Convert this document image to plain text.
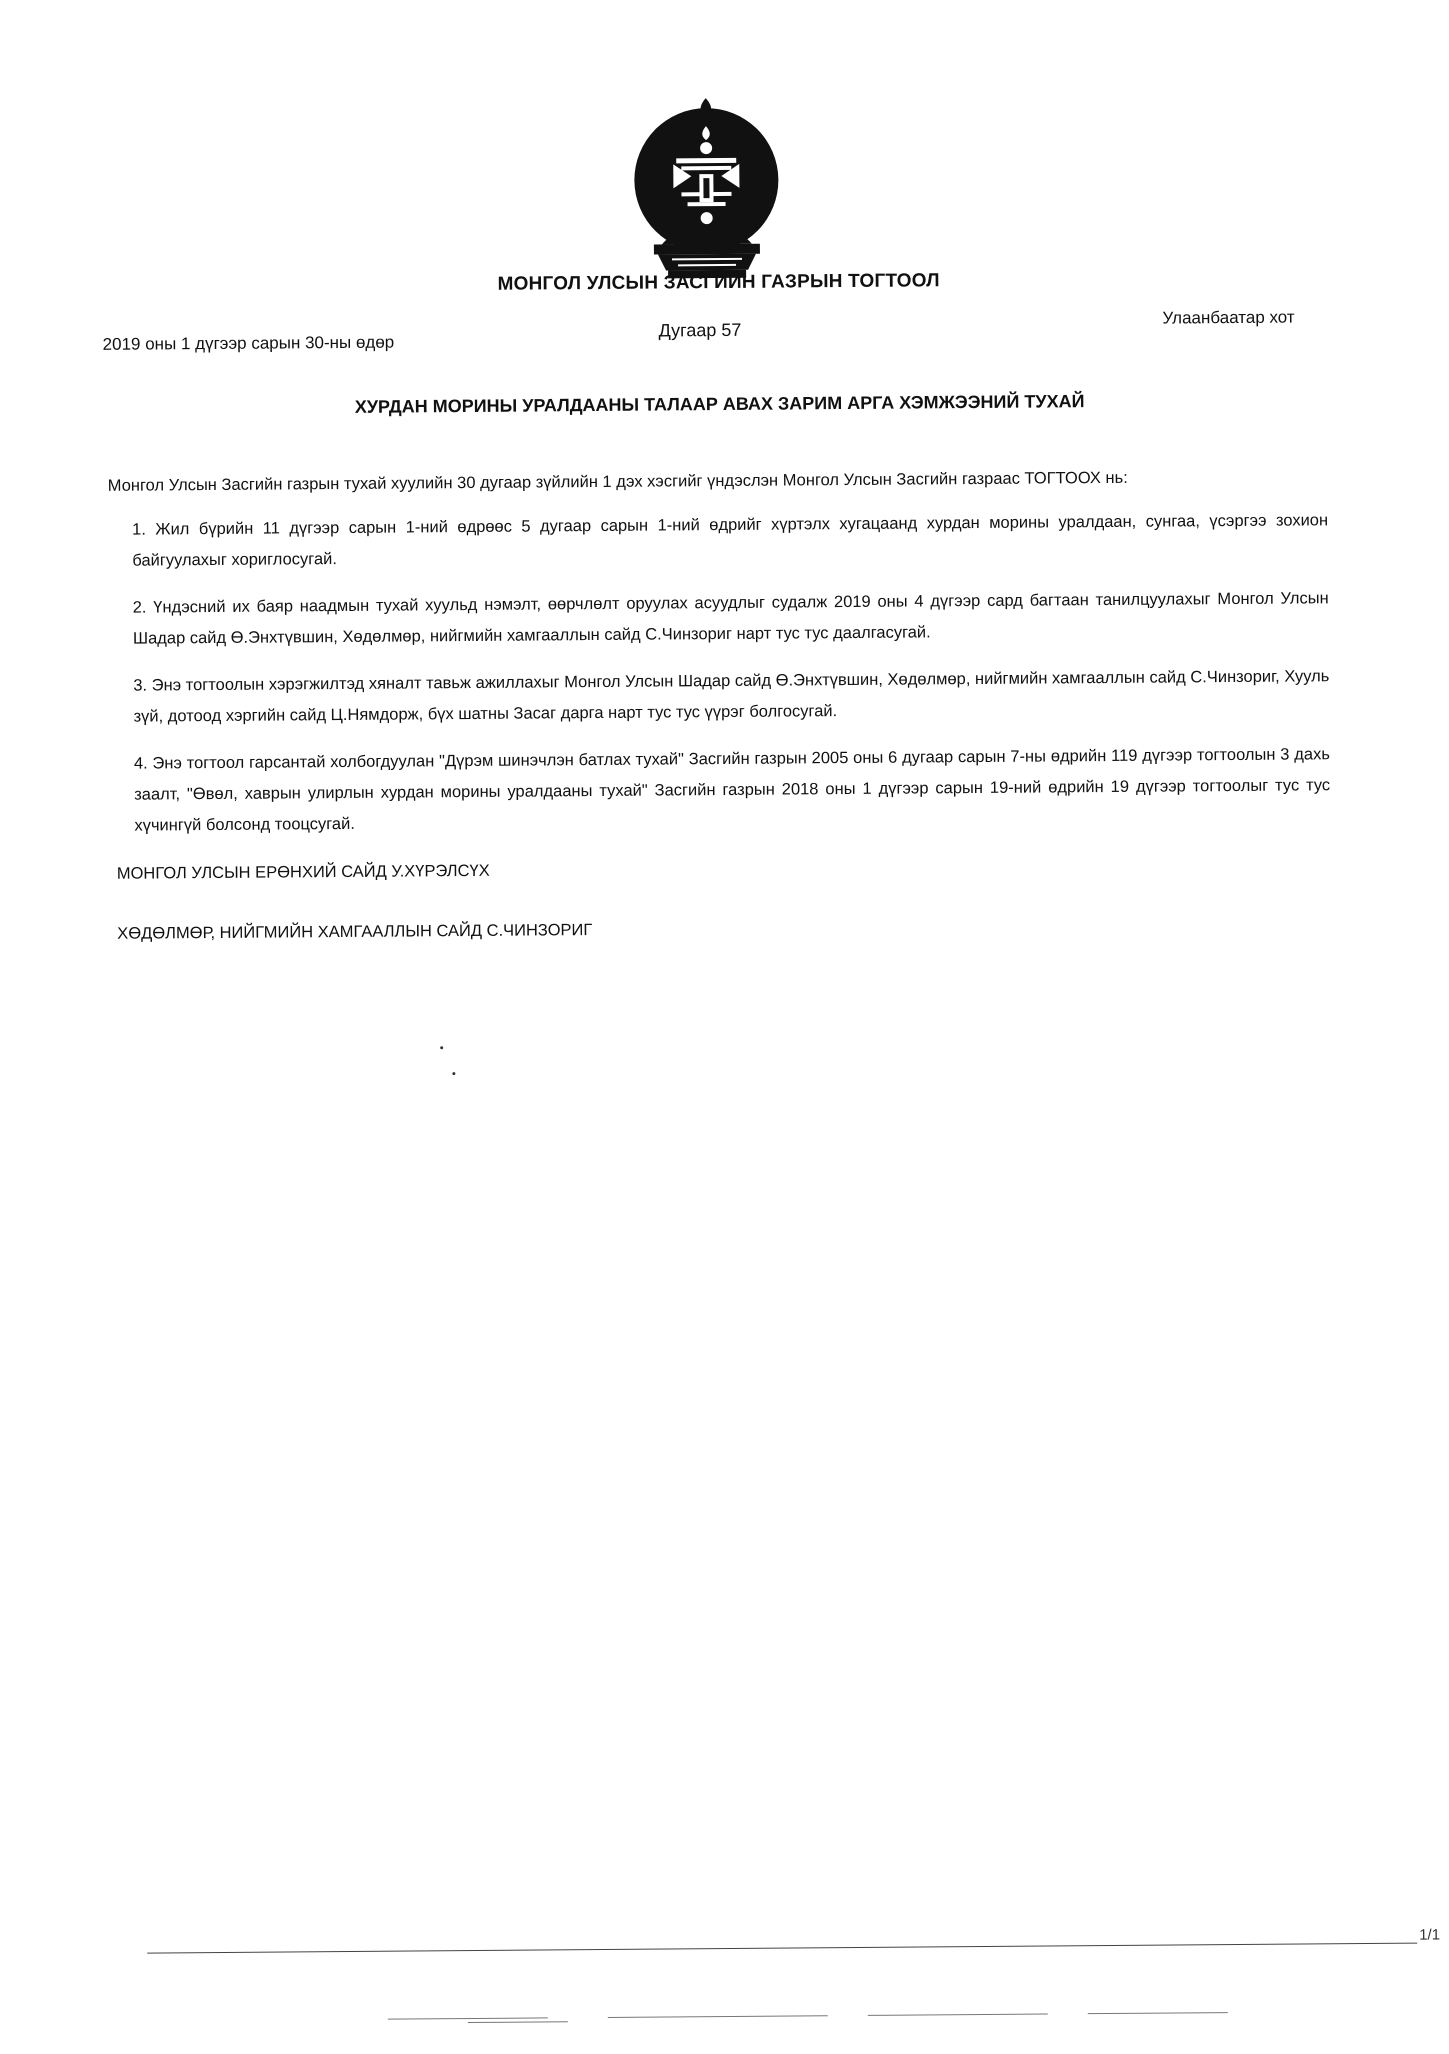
МОНГОЛ УЛСЫН ЗАСГИЙН ГАЗРЫН ТОГТООЛ
2019 оны 1 дүгээр сарын 30-ны өдөр
Дугаар 57
Улаанбаатар хот
ХУРДАН МОРИНЫ УРАЛДААНЫ ТАЛААР АВАХ ЗАРИМ АРГА ХЭМЖЭЭНИЙ ТУХАЙ
Монгол Улсын Засгийн газрын тухай хуулийн 30 дугаар зүйлийн 1 дэх хэсгийг үндэслэн Монгол Улсын Засгийн газраас ТОГТООХ нь:
1. Жил бүрийн 11 дүгээр сарын 1-ний өдрөөс 5 дугаар сарын 1-ний өдрийг хүртэлх хугацаанд хурдан морины уралдаан, сунгаа, үсэргээ зохион байгуулахыг хориглосугай.
2. Үндэсний их баяр наадмын тухай хуульд нэмэлт, өөрчлөлт оруулах асуудлыг судалж 2019 оны 4 дүгээр сард багтаан танилцуулахыг Монгол Улсын Шадар сайд Ө.Энхтүвшин, Хөдөлмөр, нийгмийн хамгааллын сайд С.Чинзориг нарт тус тус даалгасугай.
3. Энэ тогтоолын хэрэгжилтэд хяналт тавьж ажиллахыг Монгол Улсын Шадар сайд Ө.Энхтүвшин, Хөдөлмөр, нийгмийн хамгааллын сайд С.Чинзориг, Хууль зүй, дотоод хэргийн сайд Ц.Нямдорж, бүх шатны Засаг дарга нарт тус тус үүрэг болгосугай.
4. Энэ тогтоол гарсантай холбогдуулан "Дүрэм шинэчлэн батлах тухай" Засгийн газрын 2005 оны 6 дугаар сарын 7-ны өдрийн 119 дүгээр тогтоолын 3 дахь заалт, "Өвөл, хаврын улирлын хурдан морины уралдааны тухай" Засгийн газрын 2018 оны 1 дүгээр сарын 19-ний өдрийн 19 дүгээр тогтоолыг тус тус хүчингүй болсонд тооцсугай.
МОНГОЛ УЛСЫН ЕРӨНХИЙ САЙД У.ХҮРЭЛСҮХ
ХӨДӨЛМӨР, НИЙГМИЙН ХАМГААЛЛЫН САЙД С.ЧИНЗОРИГ
1/1
